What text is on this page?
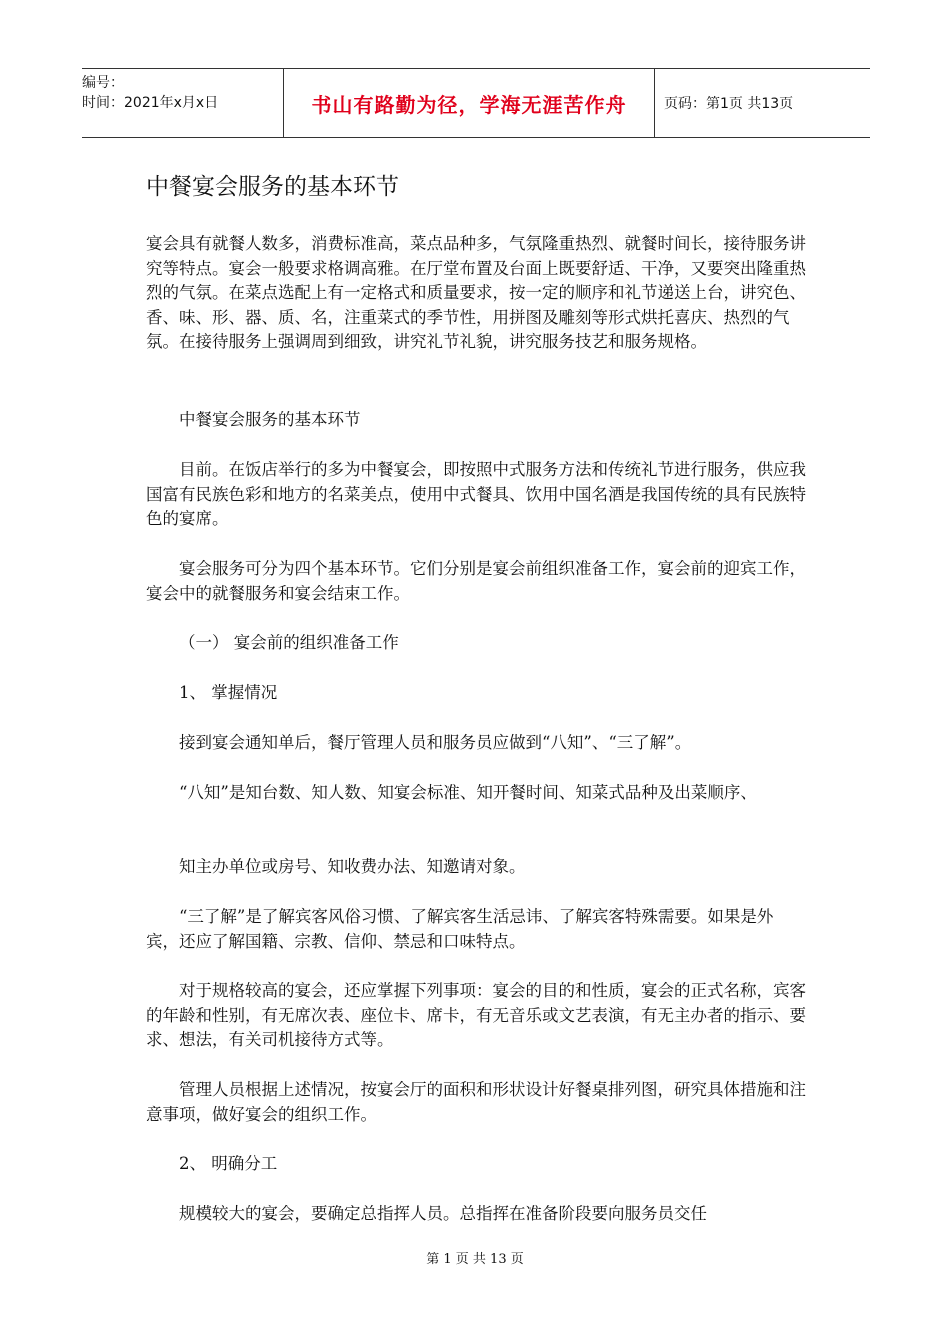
编号：
时间：2021年x月x日	书山有路勤为径，学海无涯苦作舟	页码：第1页 共13页
中餐宴会服务的基本环节

宴会具有就餐人数多，消费标准高，菜点品种多，气氛隆重热烈、就餐时间长，接待服务讲究等特点。宴会一般要求格调高雅。在厅堂布置及台面上既要舒适、干净，又要突出隆重热烈的气氛。在菜点选配上有一定格式和质量要求，按一定的顺序和礼节递送上台，讲究色、香、味、形、器、质、名，注重菜式的季节性，用拼图及雕刻等形式烘托喜庆、热烈的气氛。在接待服务上强调周到细致，讲究礼节礼貌，讲究服务技艺和服务规格。

中餐宴会服务的基本环节

目前。在饭店举行的多为中餐宴会，即按照中式服务方法和传统礼节进行服务，供应我国富有民族色彩和地方的名菜美点，使用中式餐具、饮用中国名酒是我国传统的具有民族特色的宴席。

宴会服务可分为四个基本环节。它们分别是宴会前组织准备工作，宴会前的迎宾工作，宴会中的就餐服务和宴会结束工作。

（一） 宴会前的组织准备工作

1、 掌握情况

接到宴会通知单后，餐厅管理人员和服务员应做到“八知”、“三了解”。

“八知”是知台数、知人数、知宴会标准、知开餐时间、知菜式品种及出菜顺序、

知主办单位或房号、知收费办法、知邀请对象。

“三了解”是了解宾客风俗习惯、了解宾客生活忌讳、了解宾客特殊需要。如果是外宾，还应了解国籍、宗教、信仰、禁忌和口味特点。

对于规格较高的宴会，还应掌握下列事项：宴会的目的和性质，宴会的正式名称，宾客的年龄和性别，有无席次表、座位卡、席卡，有无音乐或文艺表演，有无主办者的指示、要求、想法，有关司机接待方式等。

管理人员根据上述情况，按宴会厅的面积和形状设计好餐桌排列图，研究具体措施和注意事项，做好宴会的组织工作。

2、 明确分工

规模较大的宴会，要确定总指挥人员。总指挥在准备阶段要向服务员交任

第 1 页 共 13 页
